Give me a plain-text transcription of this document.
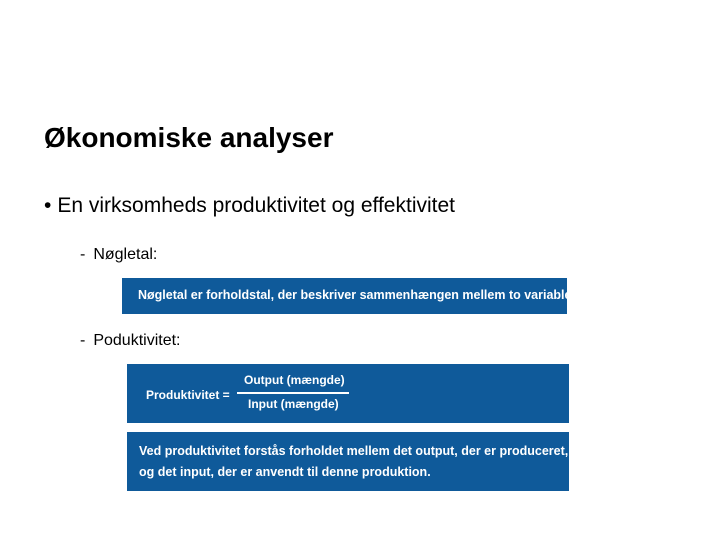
Økonomiske analyser
• En virksomheds produktivitet og effektivitet
- Nøgletal:
Nøgletal er forholdstal, der beskriver sammenhængen mellem to variable.
- Poduktivitet:
Produktivitet =
Output (mængde)
Input (mængde)
Ved produktivitet forstås forholdet mellem det output, der er produceret,
og det input, der er anvendt til denne produktion.
